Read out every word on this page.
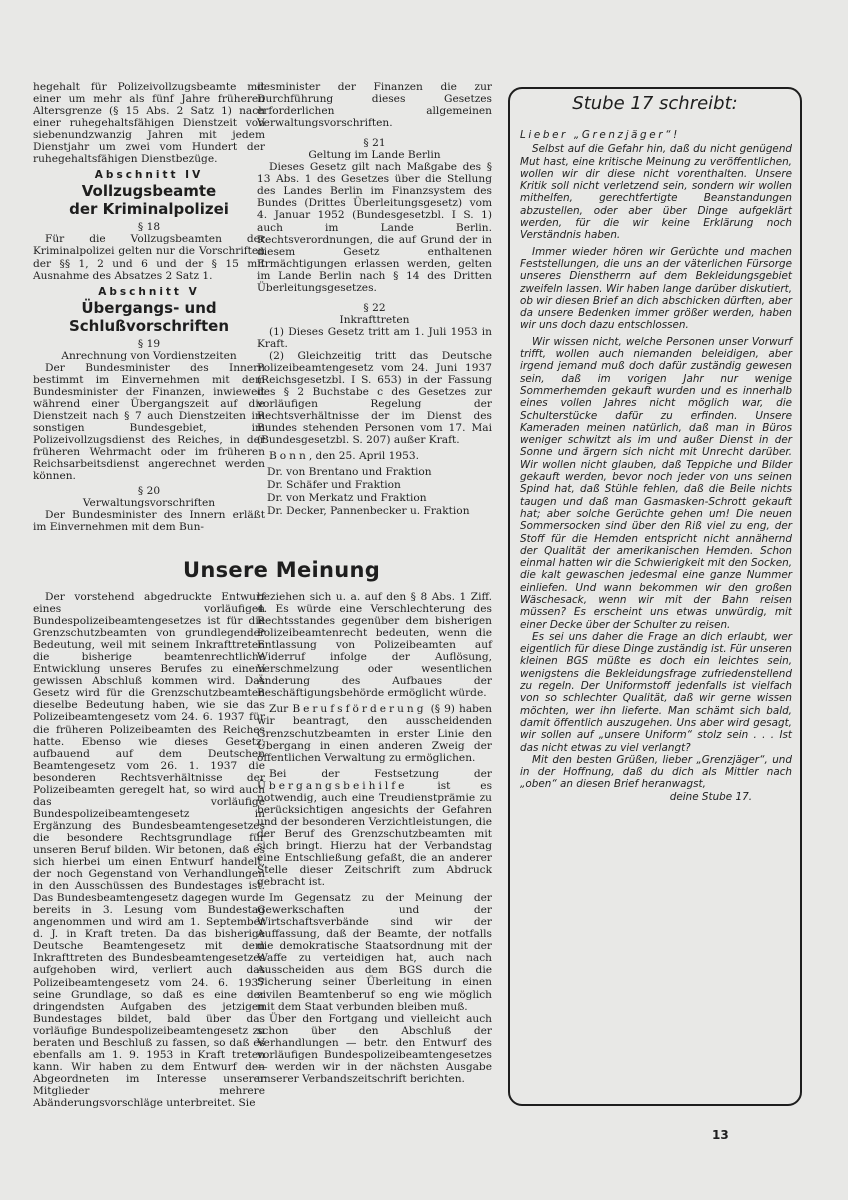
hegehalt für Polizeivollzugsbeamte mit einer um mehr als fünf Jahre früheren Altersgrenze (§ 15 Abs. 2 Satz 1) nach einer ruhegehaltsfähigen Dienstzeit von siebenundzwanzig Jahren mit jedem Dienstjahr um zwei vom Hundert der ruhegehaltsfähigen Dienstbezüge.

Abschnitt IV
Vollzugsbeamte
der Kriminalpolizei
§ 18

Für die Vollzugsbeamten der Kriminalpolizei gelten nur die Vorschriften der §§ 1, 2 und 6 und der § 15 mit Ausnahme des Absatzes 2 Satz 1.

Abschnitt V
Übergangs- und
Schlußvorschriften
§ 19
Anrechnung von Vordienstzeiten

Der Bundesminister des Innern bestimmt im Einvernehmen mit dem Bundesminister der Finanzen, inwieweit während einer Übergangszeit auf die Dienstzeit nach § 7 auch Dienstzeiten im sonstigen Bundesgebiet, im Polizeivollzugsdienst des Reiches, in der früheren Wehrmacht oder im früheren Reichsarbeitsdienst angerechnet werden können.

§ 20
Verwaltungsvorschriften

Der Bundesminister des Innern erläßt im Einvernehmen mit dem Bun-

desminister der Finanzen die zur Durchführung dieses Gesetzes erforderlichen allgemeinen Verwaltungsvorschriften.

§ 21
Geltung im Lande Berlin

Dieses Gesetz gilt nach Maßgabe des § 13 Abs. 1 des Gesetzes über die Stellung des Landes Berlin im Finanzsystem des Bundes (Drittes Überleitungsgesetz) vom 4. Januar 1952 (Bundesgesetzbl. I S. 1) auch im Lande Berlin. Rechtsverordnungen, die auf Grund der in diesem Gesetz enthaltenen Ermächtigungen erlassen werden, gelten im Lande Berlin nach § 14 des Dritten Überleitungsgesetzes.

§ 22
Inkrafttreten

(1) Dieses Gesetz tritt am 1. Juli 1953 in Kraft.

(2) Gleichzeitig tritt das Deutsche Polizeibeamtengesetz vom 24. Juni 1937 (Reichsgesetzbl. I S. 653) in der Fassung des § 2 Buchstabe c des Gesetzes zur vorläufigen Regelung der Rechtsverhältnisse der im Dienst des Bundes stehenden Personen vom 17. Mai (Bundesgesetzbl. S. 207) außer Kraft.

Bonn, den 25. April 1953.

Dr. von Brentano und Fraktion
Dr. Schäfer und Fraktion
Dr. von Merkatz und Fraktion
Dr. Decker, Pannenbecker u. Fraktion
Unsere Meinung

Der vorstehend abgedruckte Entwurf eines vorläufigen Bundespolizeibeamtengesetzes ist für die Grenzschutzbeamten von grundlegender Bedeutung, weil mit seinem Inkrafttreten die bisherige beamtenrechtliche Entwicklung unseres Berufes zu einem gewissen Abschluß kommen wird. Das Gesetz wird für die Grenzschutzbeamten dieselbe Bedeutung haben, wie sie das Polizeibeamtengesetz vom 24. 6. 1937 für die früheren Polizeibeamten des Reiches hatte. Ebenso wie dieses Gesetz, aufbauend auf dem Deutschen Beamtengesetz vom 26. 1. 1937 die besonderen Rechtsverhältnisse der Polizeibeamten geregelt hat, so wird auch das vorläufige Bundespolizeibeamtengesetz in Ergänzung des Bundesbeamtengesetzes die besondere Rechtsgrundlage für unseren Beruf bilden. Wir betonen, daß es sich hierbei um einen Entwurf handelt, der noch Gegenstand von Verhandlungen in den Ausschüssen des Bundestages ist. Das Bundesbeamtengesetz dagegen wurde bereits in 3. Lesung vom Bundestag angenommen und wird am 1. September d. J. in Kraft treten. Da das bisherige Deutsche Beamtengesetz mit dem Inkrafttreten des Bundesbeamtengesetzes aufgehoben wird, verliert auch das Polizeibeamtengesetz vom 24. 6. 1937 seine Grundlage, so daß es eine der dringendsten Aufgaben des jetzigen Bundestages bildet, bald über das vorläufige Bundespolizeibeamtengesetz zu beraten und Beschluß zu fassen, so daß es ebenfalls am 1. 9. 1953 in Kraft treten kann. Wir haben zu dem Entwurf den Abgeordneten im Interesse unserer Mitglieder mehrere Abänderungsvorschläge unterbreitet. Sie

beziehen sich u. a. auf den § 8 Abs. 1 Ziff. 4. Es würde eine Verschlechterung des Rechtsstandes gegenüber dem bisherigen Polizeibeamtenrecht bedeuten, wenn die Entlassung von Polizeibeamten auf Widerruf infolge der Auflösung, Verschmelzung oder wesentlichen Änderung des Aufbaues der Beschäftigungsbehörde ermöglicht würde.

Zur Berufsförderung (§ 9) haben wir beantragt, den ausscheidenden Grenzschutzbeamten in erster Linie den Übergang in einen anderen Zweig der öffentlichen Verwaltung zu ermöglichen.

Bei der Festsetzung der Übergangsbeihilfe	ist es notwendig, auch eine Treudienstprämie zu berücksichtigen angesichts der Gefahren und der besonderen Verzichtleistungen, die der Beruf des Grenzschutzbeamten mit sich bringt. Hierzu hat der Verbandstag eine Entschließung gefaßt, die an anderer Stelle dieser Zeitschrift zum Abdruck gebracht ist.

Im Gegensatz zu der Meinung der Gewerkschaften und der Wirtschaftsverbände sind wir der Auffassung, daß der Beamte, der notfalls die demokratische Staatsordnung mit der Waffe zu verteidigen hat, auch nach Ausscheiden aus dem BGS durch die Sicherung seiner Überleitung in einen zivilen Beamtenberuf so eng wie möglich mit dem Staat verbunden bleiben muß.

Über den Fortgang und vielleicht auch schon über den Abschluß der Verhandlungen — betr. den Entwurf des vorläufigen Bundespolizeibeamtengesetzes — werden wir in der nächsten Ausgabe unserer Verbandszeitschrift berichten.

Stube 17 schreibt:

Lieber „Grenzjäger“!

Selbst auf die Gefahr hin, daß du nicht genügend Mut hast, eine kritische Meinung zu veröffentlichen, wollen wir dir diese nicht vorenthalten. Unsere Kritik soll nicht verletzend sein, sondern wir wollen mithelfen, gerechtfertigte Beanstandungen abzustellen, oder aber über Dinge aufgeklärt werden, für die wir keine Erklärung noch Verständnis haben.

Immer wieder hören wir Gerüchte und machen Feststellungen, die uns an der väterlichen Fürsorge unseres Dienstherrn auf dem Bekleidungsgebiet zweifeln lassen. Wir haben lange darüber diskutiert, ob wir diesen Brief an dich abschicken dürften, aber da unsere Bedenken immer größer werden, haben wir uns doch dazu entschlossen.

Wir wissen nicht, welche Personen unser Vorwurf trifft, wollen auch niemanden beleidigen, aber irgend jemand muß doch dafür zuständig gewesen sein, daß im vorigen Jahr nur wenige Sommerhemden gekauft wurden und es innerhalb eines vollen Jahres nicht möglich war, die Schulterstücke dafür zu erfinden. Unsere Kameraden meinen natürlich, daß man in Büros weniger schwitzt als im und außer Dienst in der Sonne und ärgern sich nicht mit Unrecht darüber. Wir wollen nicht glauben, daß Teppiche und Bilder gekauft werden, bevor noch jeder von uns seinen Spind hat, daß Stühle fehlen, daß die Beile nichts taugen und daß man Gasmasken-Schrott gekauft hat; aber solche Gerüchte gehen um! Die neuen Sommersocken sind über den Riß viel zu eng, der Stoff für die Hemden entspricht nicht annähernd der Qualität der amerikanischen Hemden. Schon einmal hatten wir die Schwierigkeit mit den Socken, die kalt gewaschen jedesmal eine ganze Nummer einliefen. Und wann bekommen wir den großen Wäschesack, wenn wir mit der Bahn reisen müssen? Es erscheint uns etwas unwürdig, mit einer Decke über der Schulter zu reisen.

Es sei uns daher die Frage an dich erlaubt, wer eigentlich für diese Dinge zuständig ist. Für unseren kleinen BGS müßte es doch ein leichtes sein, wenigstens die Bekleidungsfrage zufriedenstellend zu regeln. Der Uniformstoff jedenfalls ist vielfach von so schlechter Qualität, daß wir gerne wissen möchten, wer ihn lieferte. Man schämt sich bald, damit öffentlich auszugehen. Uns aber wird gesagt, wir sollen auf „unsere Uniform“ stolz sein . . . Ist das nicht etwas zu viel verlangt?

Mit den besten Grüßen, lieber „Grenzjäger“, und in der Hoffnung, daß du dich als Mittler nach „oben“ an diesen Brief heranwagst,

deine Stube 17.

13
